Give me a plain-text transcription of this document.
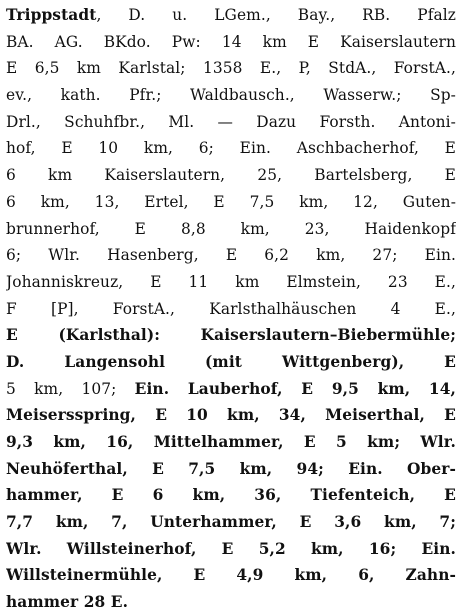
Trippstadt, D. u. LGem., Bay., RB. Pfalz
BA. AG. BKdo. Pw: 14 km E Kaiserslautern
E 6,5 km Karlstal; 1358 E., P, StdA., ForstA.,
ev., kath. Pfr.; Waldbausch., Wasserw.; Sp-
Drl., Schuhfbr., Ml. — Dazu Forsth. Antoni-
hof, E 10 km, 6; Ein. Aschbacherhof, E
6 km Kaiserslautern, 25, Bartelsberg, E
6 km, 13, Ertel, E 7,5 km, 12, Guten-
brunnerhof, E 8,8 km, 23, Haidenkopf
6; Wlr. Hasenberg, E 6,2 km, 27; Ein.
Johanniskreuz, E 11 km Elmstein, 23 E.,
F [P], ForstA., Karlsthalhäuschen 4 E.,
E (Karlsthal): Kaiserslautern–Biebermühle;
D. Langensohl (mit Wittgenberg), E
5 km, 107; Ein. Lauberhof, E 9,5 km, 14,
Meisersspring, E 10 km, 34, Meiserthal, E
9,3 km, 16, Mittelhammer, E 5 km; Wlr.
Neuhöferthal, E 7,5 km, 94; Ein. Ober-
hammer, E 6 km, 36, Tiefenteich, E
7,7 km, 7, Unterhammer, E 3,6 km, 7;
Wlr. Willsteinerhof, E 5,2 km, 16; Ein.
Willsteinermühle, E 4,9 km, 6, Zahn-
hammer 28 E.
